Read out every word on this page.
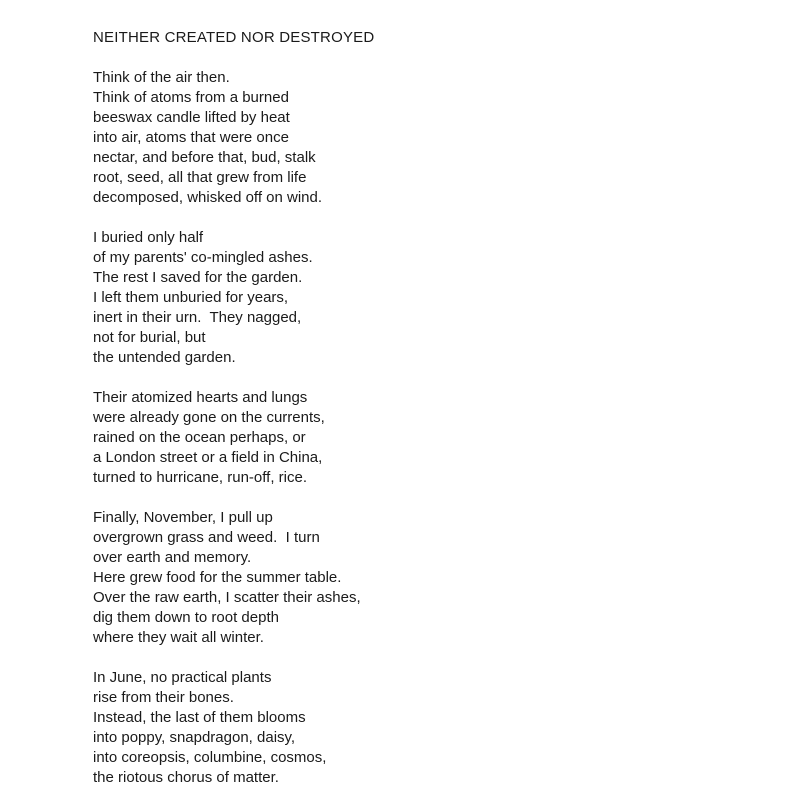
NEITHER CREATED NOR DESTROYED
Think of the air then.
Think of atoms from a burned
beeswax candle lifted by heat
into air, atoms that were once
nectar, and before that, bud, stalk
root, seed, all that grew from life
decomposed, whisked off on wind.
I buried only half
of my parents' co-mingled ashes.
The rest I saved for the garden.
I left them unburied for years,
inert in their urn.  They nagged,
not for burial, but
the untended garden.
Their atomized hearts and lungs
were already gone on the currents,
rained on the ocean perhaps, or
a London street or a field in China,
turned to hurricane, run-off, rice.
Finally, November, I pull up
overgrown grass and weed.  I turn
over earth and memory.
Here grew food for the summer table.
Over the raw earth, I scatter their ashes,
dig them down to root depth
where they wait all winter.
In June, no practical plants
rise from their bones.
Instead, the last of them blooms
into poppy, snapdragon, daisy,
into coreopsis, columbine, cosmos,
the riotous chorus of matter.
